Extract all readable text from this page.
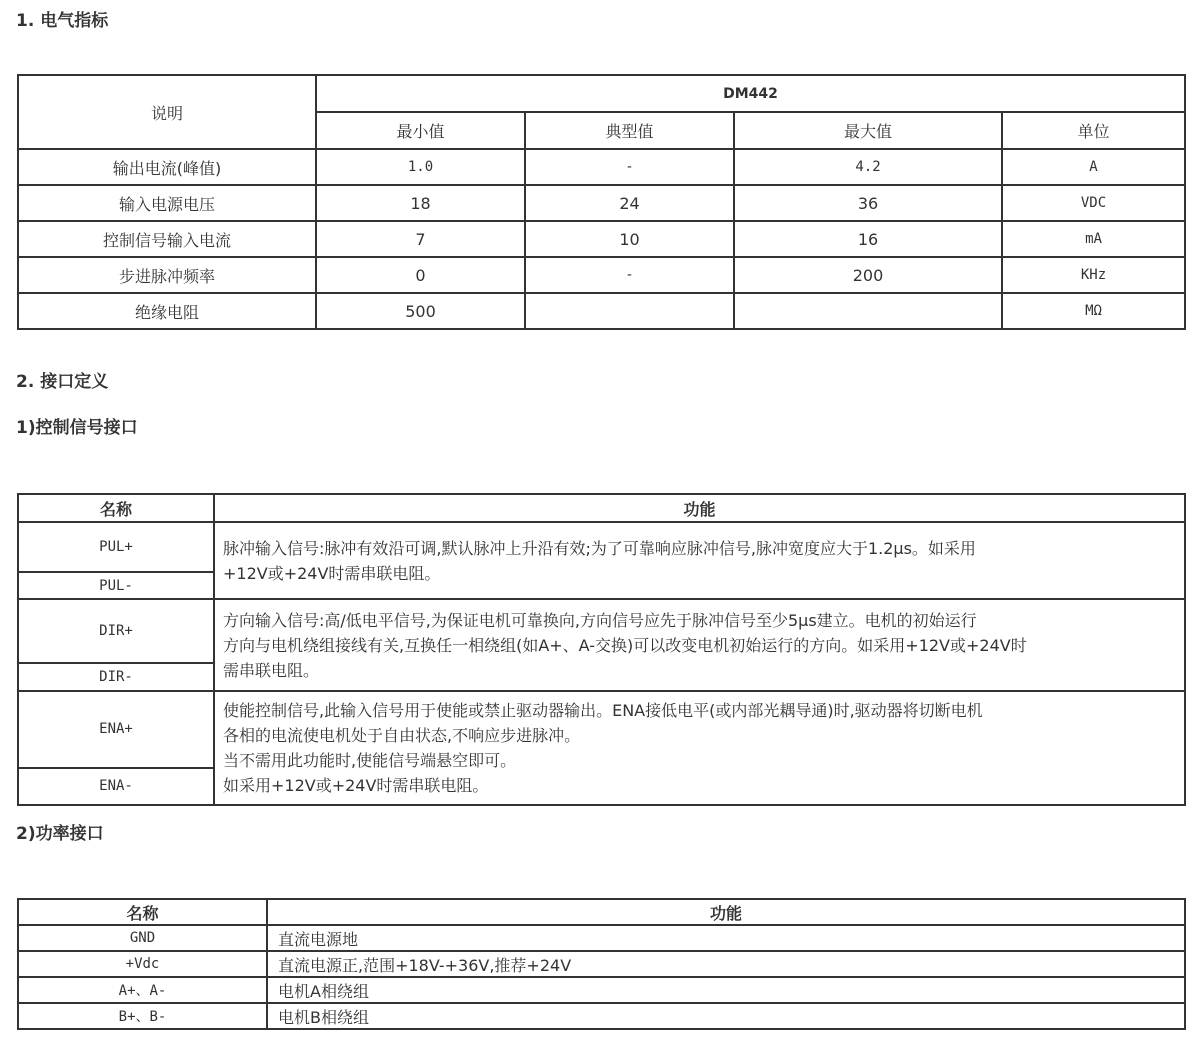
1. 电气指标
说明	DM442			
	最小值	典型值	最大值	单位
输出电流(峰值)	1.0	-	4.2	A
输入电源电压	18	24	36	VDC
控制信号输入电流	7	10	16	mA
步进脉冲频率	0	-	200	KHz
绝缘电阻	500			MΩ
2. 接口定义
1)控制信号接口
名称	功能
PUL+	脉冲输入信号:脉冲有效沿可调,默认脉冲上升沿有效;为了可靠响应脉冲信号,脉冲宽度应大于1.2μs。如采用
+12V或+24V时需串联电阻。

PUL-	
DIR+	方向输入信号:高/低电平信号,为保证电机可靠换向,方向信号应先于脉冲信号至少5μs建立。电机的初始运行
方向与电机绕组接线有关,互换任一相绕组(如A+、A-交换)可以改变电机初始运行的方向。如采用+12V或+24V时
需串联电阻。

DIR-	
ENA+	使能控制信号,此输入信号用于使能或禁止驱动器输出。ENA接低电平(或内部光耦导通)时,驱动器将切断电机
各相的电流使电机处于自由状态,不响应步进脉冲。
当不需用此功能时,使能信号端悬空即可。
如采用+12V或+24V时需串联电阻。

ENA-	
2)功率接口
名称	功能
GND	直流电源地
+Vdc	直流电源正,范围+18V-+36V,推荐+24V
A+、A-	电机A相绕组
B+、B-	电机B相绕组
